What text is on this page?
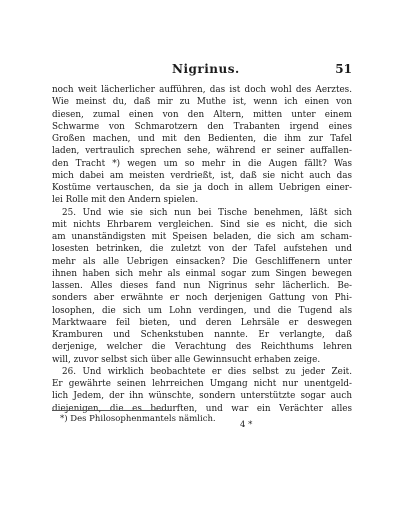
Nigrinus.	51
noch weit lächerlicher aufführen, das ist doch wohl des Aerztes.
Wie meinst du, daß mir zu Muthe ist, wenn ich einen von
diesen, zumal einen von den Altern, mitten unter einem
Schwarme von Schmarotzern den Trabanten irgend eines
Großen machen, und mit den Bedienten, die ihm zur Tafel
laden, vertraulich sprechen sehe, während er seiner auffallen-
den Tracht *) wegen um so mehr in die Augen fällt? Was
mich dabei am meisten verdrießt, ist, daß sie nicht auch das
Kostüme vertauschen, da sie ja doch in allem Uebrigen einer-
lei Rolle mit den Andern spielen.
25. Und wie sie sich nun bei Tische benehmen, läßt sich
mit nichts Ehrbarem vergleichen. Sind sie es nicht, die sich
am unanständigsten mit Speisen beladen, die sich am scham-
losesten betrinken, die zuletzt von der Tafel aufstehen und
mehr als alle Uebrigen einsacken? Die Geschliffenern unter
ihnen haben sich mehr als einmal sogar zum Singen bewegen
lassen. Alles dieses fand nun Nigrinus sehr lächerlich. Be-
sonders aber erwähnte er noch derjenigen Gattung von Phi-
losophen, die sich um Lohn verdingen, und die Tugend als
Marktwaare feil bieten, und deren Lehrsäle er deswegen
Kramburen und Schenkstuben nannte. Er verlangte, daß
derjenige, welcher die Verachtung des Reichthums lehren
will, zuvor selbst sich über alle Gewinnsucht erhaben zeige.
26. Und wirklich beobachtete er dies selbst zu jeder Zeit.
Er gewährte seinen lehrreichen Umgang nicht nur unentgeld-
lich Jedem, der ihn wünschte, sondern unterstützte sogar auch
diejenigen, die es bedurften, und war ein Verächter alles
*) Des Philosophenmantels nämlich.
4 *
